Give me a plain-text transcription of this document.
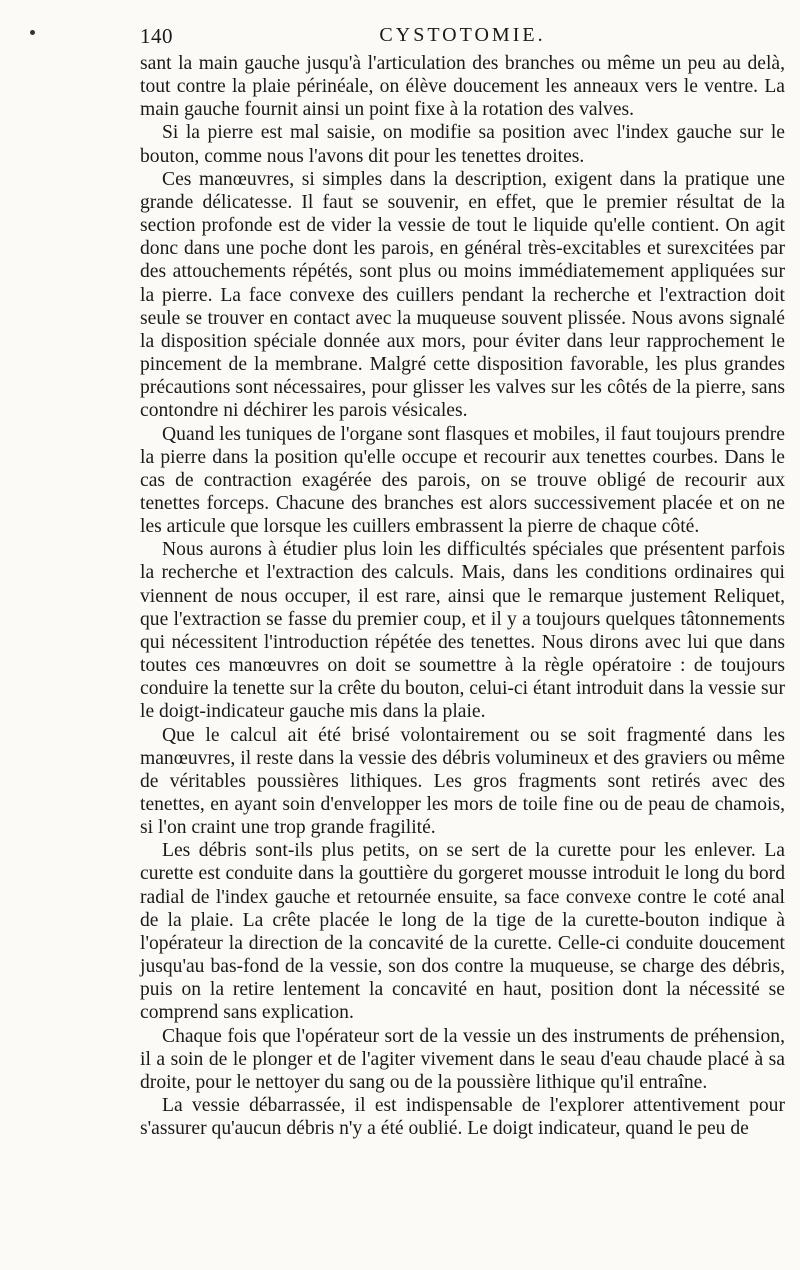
140	CYSTOTOMIE.

sant la main gauche jusqu'à l'articulation des branches ou même un peu au delà, tout contre la plaie périnéale, on élève doucement les anneaux vers le ventre. La main gauche fournit ainsi un point fixe à la rotation des valves.

Si la pierre est mal saisie, on modifie sa position avec l'index gauche sur le bouton, comme nous l'avons dit pour les tenettes droites.

Ces manœuvres, si simples dans la description, exigent dans la pratique une grande délicatesse. Il faut se souvenir, en effet, que le premier résultat de la section profonde est de vider la vessie de tout le liquide qu'elle contient. On agit donc dans une poche dont les parois, en général très-excitables et surexcitées par des attouchements répétés, sont plus ou moins immédiatemement appliquées sur la pierre. La face convexe des cuillers pendant la recherche et l'extraction doit seule se trouver en contact avec la muqueuse souvent plissée. Nous avons signalé la disposition spéciale donnée aux mors, pour éviter dans leur rapprochement le pincement de la membrane. Malgré cette disposition favorable, les plus grandes précautions sont nécessaires, pour glisser les valves sur les côtés de la pierre, sans contondre ni déchirer les parois vésicales.

Quand les tuniques de l'organe sont flasques et mobiles, il faut toujours prendre la pierre dans la position qu'elle occupe et recourir aux tenettes courbes. Dans le cas de contraction exagérée des parois, on se trouve obligé de recourir aux tenettes forceps. Chacune des branches est alors successivement placée et on ne les articule que lorsque les cuillers embrassent la pierre de chaque côté.

Nous aurons à étudier plus loin les difficultés spéciales que présentent parfois la recherche et l'extraction des calculs. Mais, dans les conditions ordinaires qui viennent de nous occuper, il est rare, ainsi que le remarque justement Reliquet, que l'extraction se fasse du premier coup, et il y a toujours quelques tâtonnements qui nécessitent l'introduction répétée des tenettes. Nous dirons avec lui que dans toutes ces manœuvres on doit se soumettre à la règle opératoire : de toujours conduire la tenette sur la crête du bouton, celui-ci étant introduit dans la vessie sur le doigt-indicateur gauche mis dans la plaie.

Que le calcul ait été brisé volontairement ou se soit fragmenté dans les manœuvres, il reste dans la vessie des débris volumineux et des graviers ou même de véritables poussières lithiques. Les gros fragments sont retirés avec des tenettes, en ayant soin d'envelopper les mors de toile fine ou de peau de chamois, si l'on craint une trop grande fragilité.

Les débris sont-ils plus petits, on se sert de la curette pour les enlever. La curette est conduite dans la gouttière du gorgeret mousse introduit le long du bord radial de l'index gauche et retournée ensuite, sa face convexe contre le coté anal de la plaie. La crête placée le long de la tige de la curette-bouton indique à l'opérateur la direction de la concavité de la curette. Celle-ci conduite doucement jusqu'au bas-fond de la vessie, son dos contre la muqueuse, se charge des débris, puis on la retire lentement la concavité en haut, position dont la nécessité se comprend sans explication.

Chaque fois que l'opérateur sort de la vessie un des instruments de préhension, il a soin de le plonger et de l'agiter vivement dans le seau d'eau chaude placé à sa droite, pour le nettoyer du sang ou de la poussière lithique qu'il entraîne.

La vessie débarrassée, il est indispensable de l'explorer attentivement pour s'assurer qu'aucun débris n'y a été oublié. Le doigt indicateur, quand le peu de
